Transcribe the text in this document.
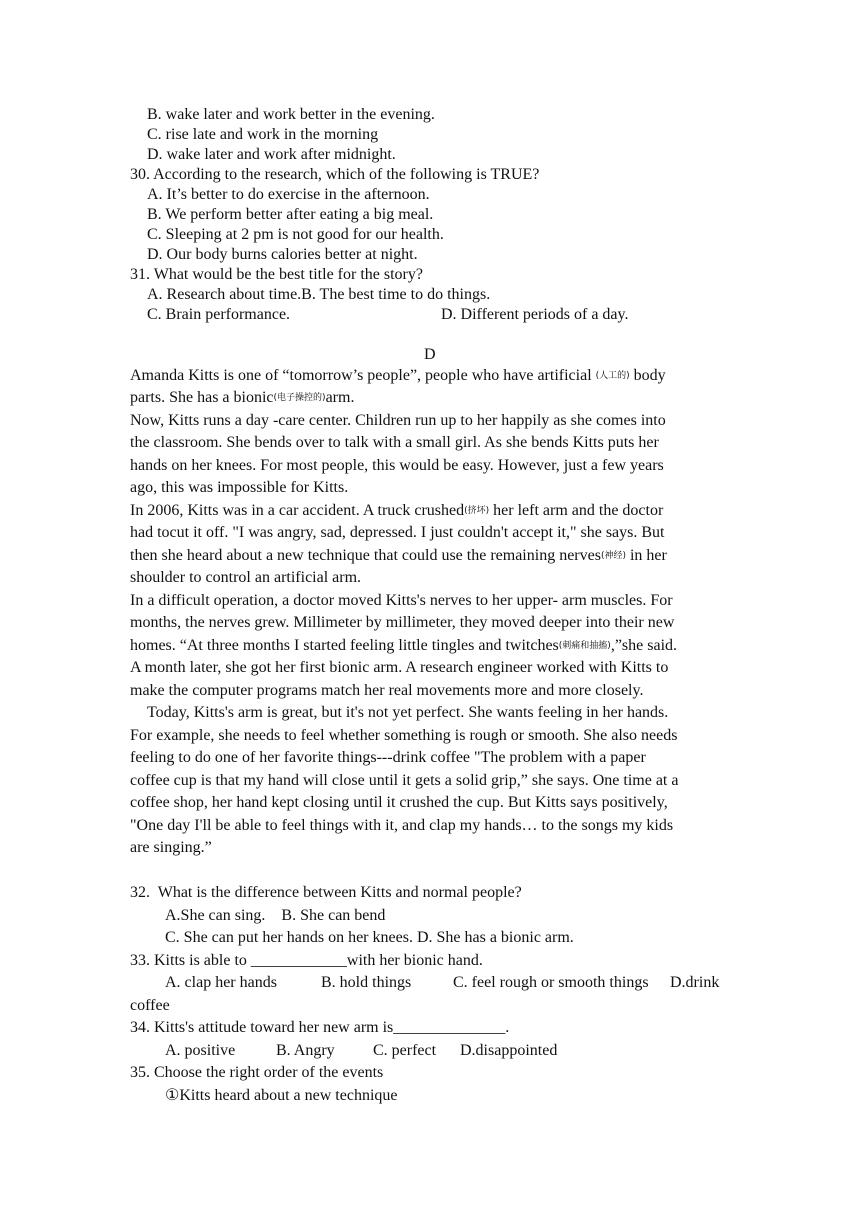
B. wake later and work better in the evening.
C. rise late and work in the morning
D. wake later and work after midnight.
30. According to the research, which of the following is TRUE?
A. It’s better to do exercise in the afternoon.
B. We perform better after eating a big meal.
C. Sleeping at 2 pm is not good for our health.
D. Our body burns calories better at night.
31. What would be the best title for the story?
A. Research about time.B. The best time to do things.
C. Brain performance.	D. Different periods of a day.
D
Amanda Kitts is one of “tomorrow’s people”, people who have artificial (人工的) body
parts. She has a bionic(电子操控的)arm.
Now, Kitts runs a day -care center. Children run up to her happily as she comes into
the classroom. She bends over to talk with a small girl. As she bends Kitts puts her
hands on her knees. For most people, this would be easy. However, just a few years
ago, this was impossible for Kitts.
In 2006, Kitts was in a car accident. A truck crushed(挤坏) her left arm and the doctor
had tocut it off. "I was angry, sad, depressed. I just couldn't accept it," she says. But
then she heard about a new technique that could use the remaining nerves(神经) in her
shoulder to control an artificial arm.
In a difficult operation, a doctor moved Kitts's nerves to her upper- arm muscles. For
months, the nerves grew. Millimeter by millimeter, they moved deeper into their new
homes. “At three months I started feeling little tingles and twitches(刺痛和抽搐),”she said.
A month later, she got her first bionic arm. A research engineer worked with Kitts to
make the computer programs match her real movements more and more closely.
Today, Kitts's arm is great, but it's not yet perfect. She wants feeling in her hands.
For example, she needs to feel whether something is rough or smooth. She also needs
feeling to do one of her favorite things---drink coffee "The problem with a paper
coffee cup is that my hand will close until it gets a solid grip,” she says. One time at a
coffee shop, her hand kept closing until it crushed the cup. But Kitts says positively,
"One day I'll be able to feel things with it, and clap my hands… to the songs my kids
are singing.”
32.  What is the difference between Kitts and normal people?
A.She can sing.    B. She can bend
C. She can put her hands on her knees. D. She has a bionic arm.
33. Kitts is able to ____________with her bionic hand.
A. clap her hands	B. hold things	C. feel rough or smooth things D.drink
coffee
34. Kitts's attitude toward her new arm is______________.
A. positive	B. Angry C. perfect D.disappointed
35. Choose the right order of the events
①Kitts heard about a new technique
